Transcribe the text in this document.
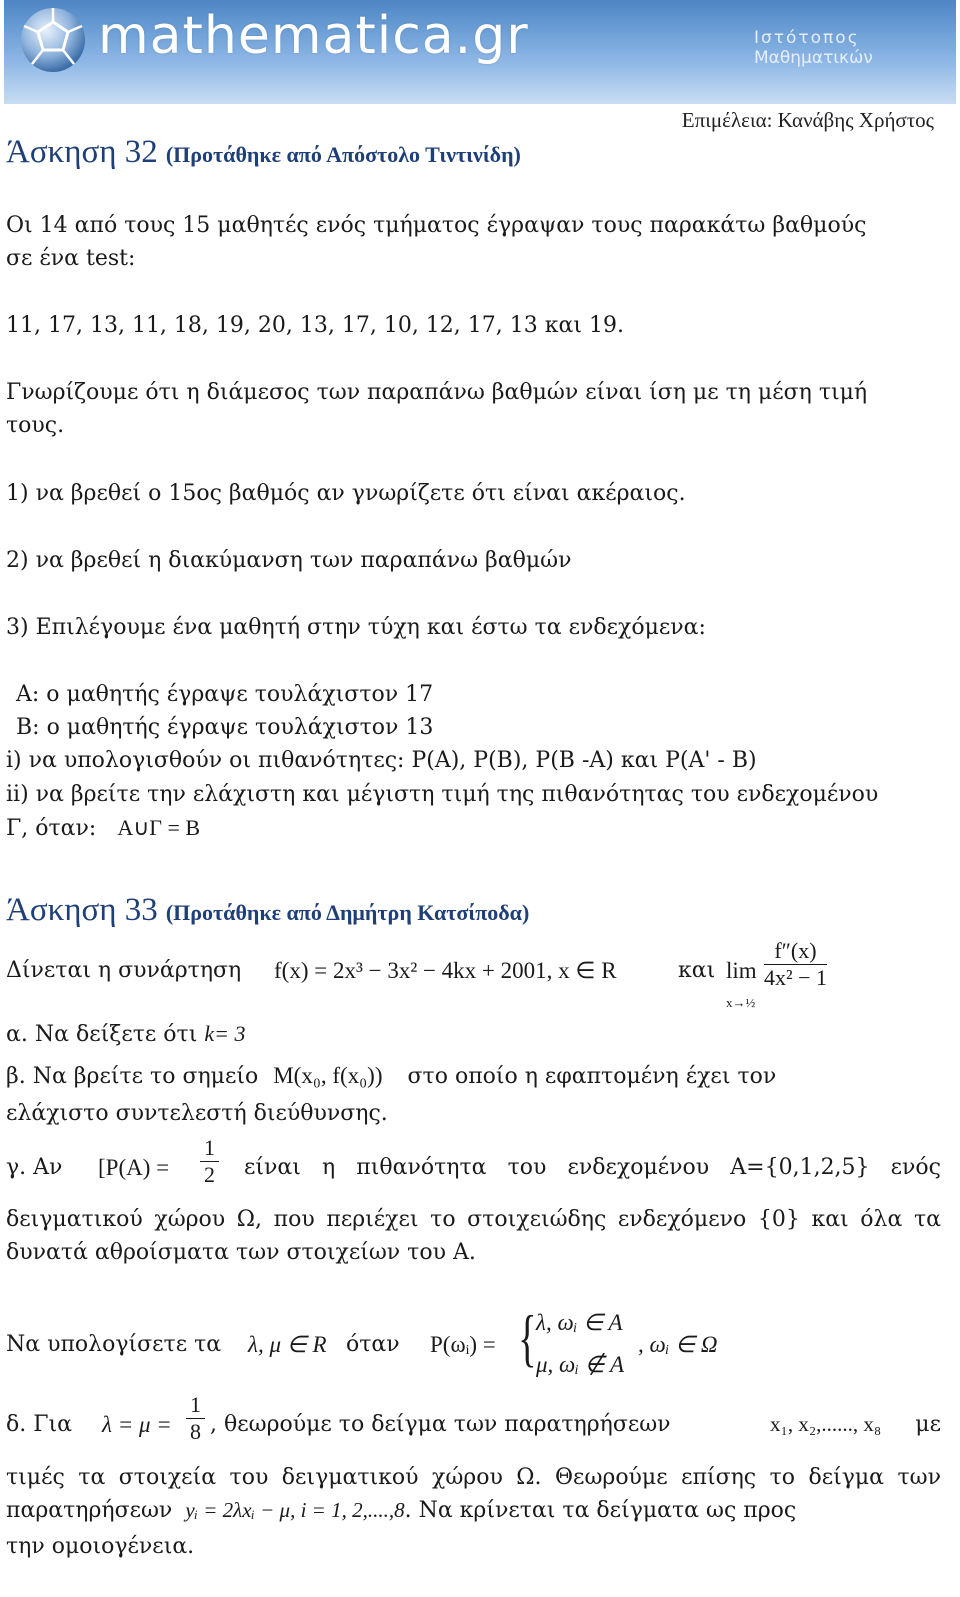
mathematica.gr	Ιστότοπος
Μαθηματικών
Επιμέλεια: Κανάβης Χρήστος
Άσκηση 32 (Προτάθηκε από Απόστολο Τιντινίδη)
Οι 14 από τους 15 μαθητές ενός τμήματος έγραψαν τους παρακάτω βαθμούς
σε ένα test:
11, 17, 13, 11, 18, 19, 20, 13, 17, 10, 12, 17, 13 και 19.
Γνωρίζουμε ότι η διάμεσος των παραπάνω βαθμών είναι ίση με τη μέση τιμή
τους.
1) να βρεθεί ο 15ος βαθμός αν γνωρίζετε ότι είναι ακέραιος.
2) να βρεθεί η διακύμανση των παραπάνω βαθμών
3) Επιλέγουμε ένα μαθητή στην τύχη και έστω τα ενδεχόμενα:
Α: ο μαθητής έγραψε τουλάχιστον 17
Β: ο μαθητής έγραψε τουλάχιστον 13
i) να υπολογισθούν οι πιθανότητες: Ρ(Α), Ρ(Β), Ρ(Β -Α) και Ρ(Α' - Β)
ii) να βρείτε την ελάχιστη και μέγιστη τιμή της πιθανότητας του ενδεχομένου
Γ, όταν: Α∪Γ = Β
Άσκηση 33 (Προτάθηκε από Δημήτρη Κατσίποδα)
Δίνεται η συνάρτηση f(x) = 2x³ − 3x² − 4kx + 2001, x ∈ R	και lim
x→½
$\frac{f''(x)}{\text{4x² − 1}}$
α. Να δείξετε ότι k= 3
β. Να βρείτε το σημείο M(x₀, f(x₀)) στο οποίο η εφαπτομένη έχει τον
ελάχιστο συντελεστή διεύθυνσης.
γ. Αν [$P(A) = \frac{1}{2}$ είναι η πιθανότητα του ενδεχομένου Α={0,1,2,5} ενός
δειγματικού χώρου Ω, που περιέχει το στοιχειώδης ενδεχόμενο {0} και όλα τα
δυνατά αθροίσματα των στοιχείων του Α.
Να υπολογίσετε τα λ, μ ∈ R όταν P(ωᵢ) = { λ, ωᵢ ∈ A
μ, ωᵢ ∉ A
, ωᵢ ∈ Ω
δ. Για $\lambda = \mu = \frac{1}{8}$ , θεωρούμε το δείγμα των παρατηρήσεων	x₁, x₂,......, x₈ με
τιμές τα στοιχεία του δειγματικού χώρου Ω. Θεωρούμε επίσης το δείγμα των
παρατηρήσεων yᵢ = 2λxᵢ − μ, i = 1, 2,....,8. Να κρίνεται τα δείγματα ως προς
την ομοιογένεια.
